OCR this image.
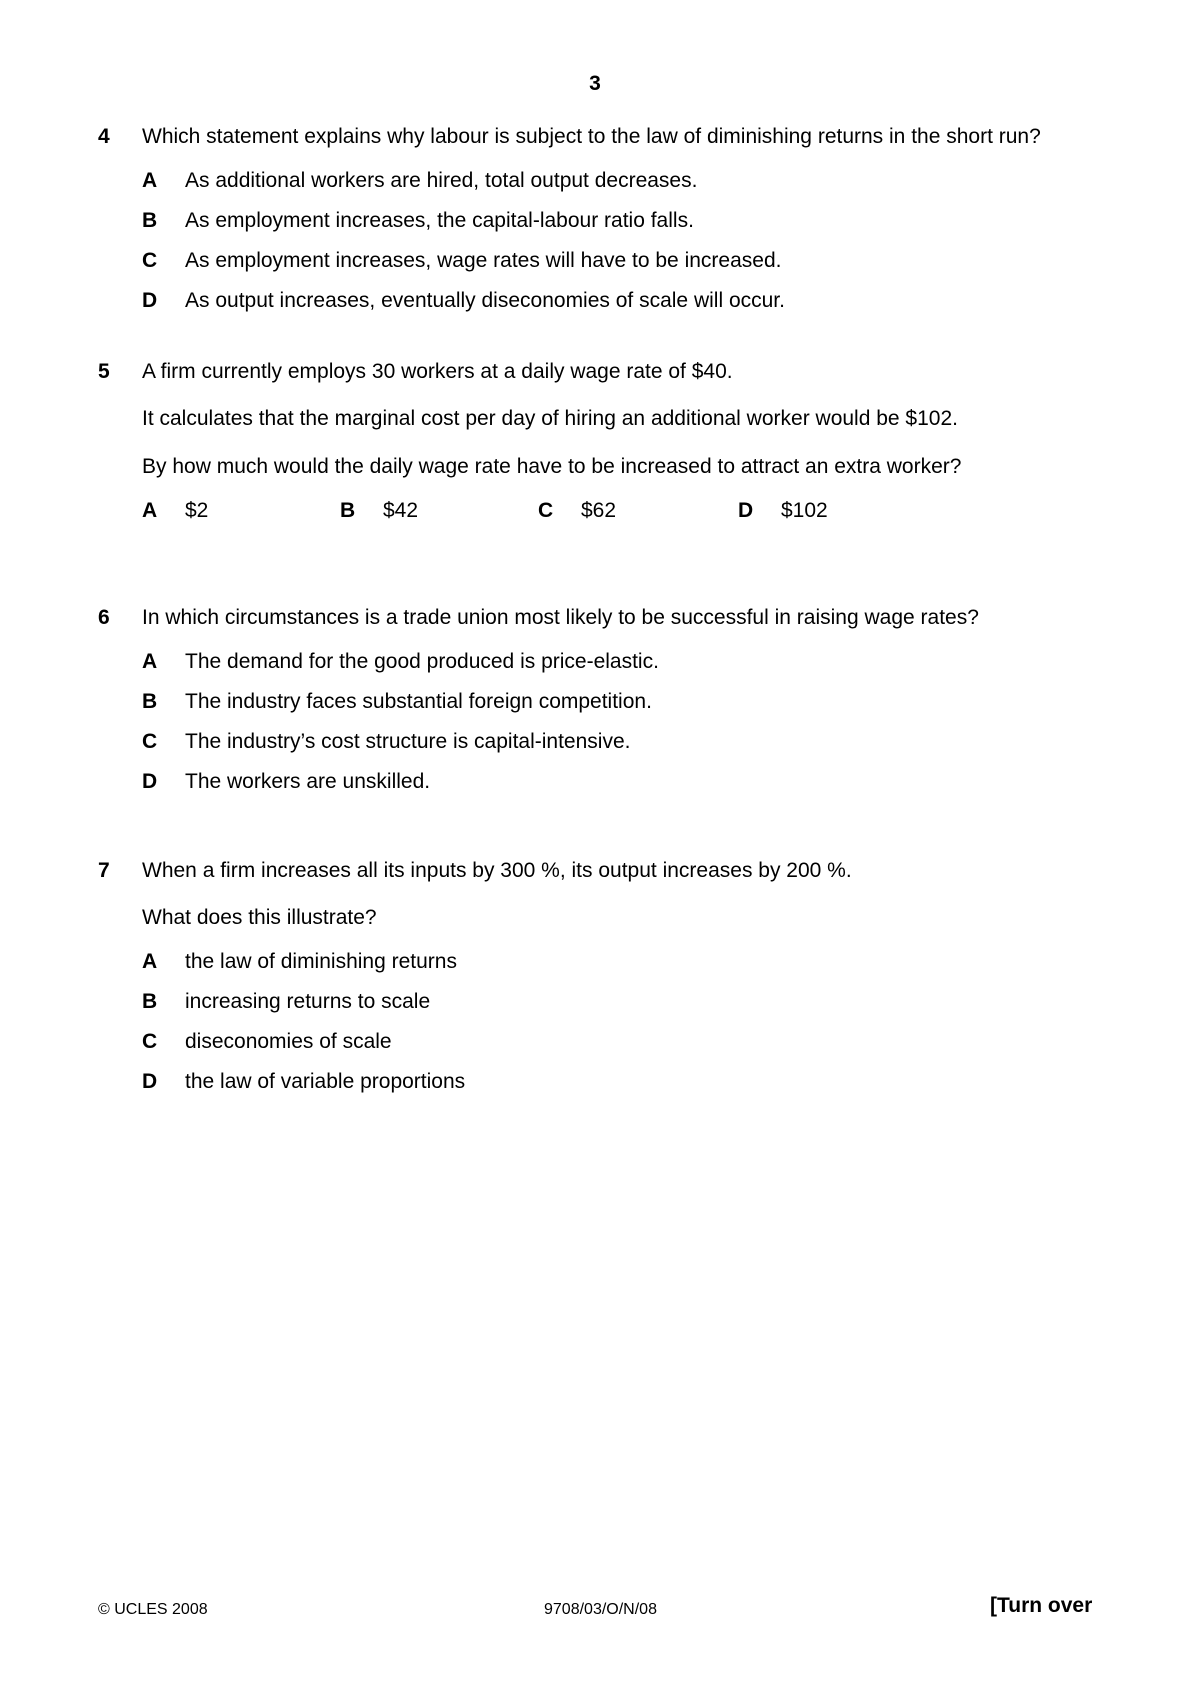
3
4 Which statement explains why labour is subject to the law of diminishing returns in the short run?
A As additional workers are hired, total output decreases.
B As employment increases, the capital-labour ratio falls.
C As employment increases, wage rates will have to be increased.
D As output increases, eventually diseconomies of scale will occur.
5 A firm currently employs 30 workers at a daily wage rate of $40.
It calculates that the marginal cost per day of hiring an additional worker would be $102.
By how much would the daily wage rate have to be increased to attract an extra worker?
A $2	B $42	C $62	D $102
6 In which circumstances is a trade union most likely to be successful in raising wage rates?
A The demand for the good produced is price-elastic.
B The industry faces substantial foreign competition.
C The industry’s cost structure is capital-intensive.
D The workers are unskilled.
7 When a firm increases all its inputs by 300 %, its output increases by 200 %.
What does this illustrate?
A the law of diminishing returns
B increasing returns to scale
C diseconomies of scale
D the law of variable proportions
© UCLES 2008	9708/03/O/N/08	[Turn over
